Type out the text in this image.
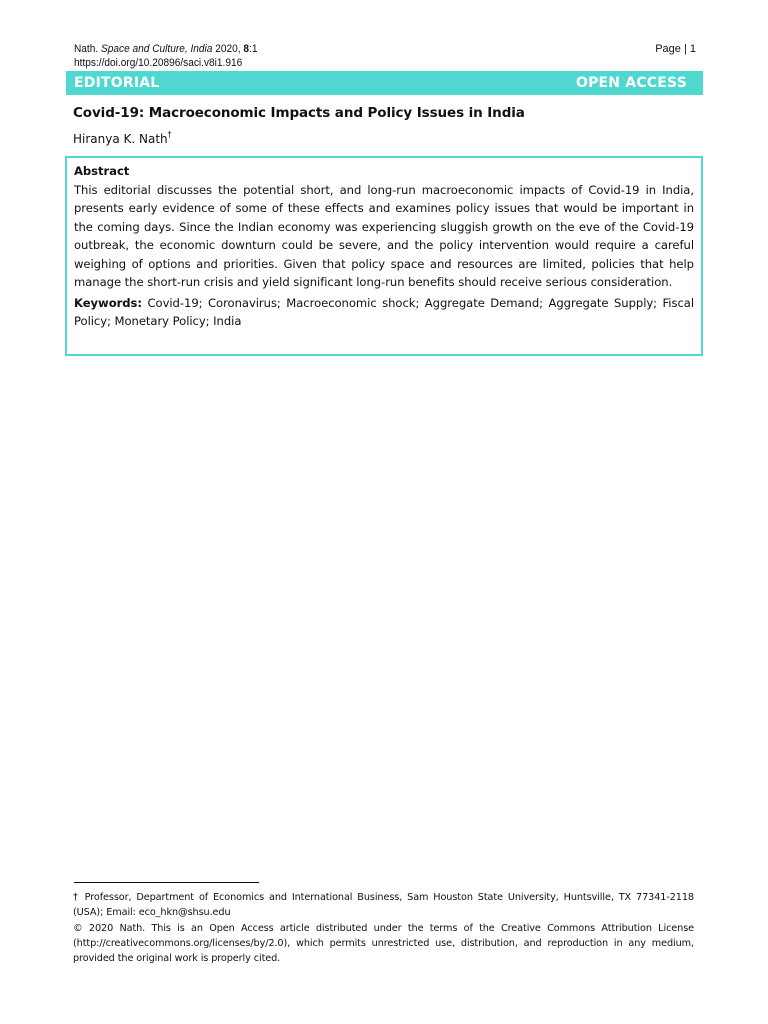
Nath. Space and Culture, India 2020, 8:1
https://doi.org/10.20896/saci.v8i1.916
Page | 1
EDITORIAL	OPEN ACCESS
Covid-19: Macroeconomic Impacts and Policy Issues in India
Hiranya K. Nath†
Abstract

This editorial discusses the potential short, and long-run macroeconomic impacts of Covid-19 in India, presents early evidence of some of these effects and examines policy issues that would be important in the coming days. Since the Indian economy was experiencing sluggish growth on the eve of the Covid-19 outbreak, the economic downturn could be severe, and the policy intervention would require a careful weighing of options and priorities. Given that policy space and resources are limited, policies that help manage the short-run crisis and yield significant long-run benefits should receive serious consideration.

Keywords: Covid-19; Coronavirus; Macroeconomic shock; Aggregate Demand; Aggregate Supply; Fiscal Policy; Monetary Policy; India

† Professor, Department of Economics and International Business, Sam Houston State University, Huntsville, TX 77341-2118 (USA); Email: eco_hkn@shsu.edu

© 2020 Nath. This is an Open Access article distributed under the terms of the Creative Commons Attribution License (http://creativecommons.org/licenses/by/2.0), which permits unrestricted use, distribution, and reproduction in any medium, provided the original work is properly cited.
